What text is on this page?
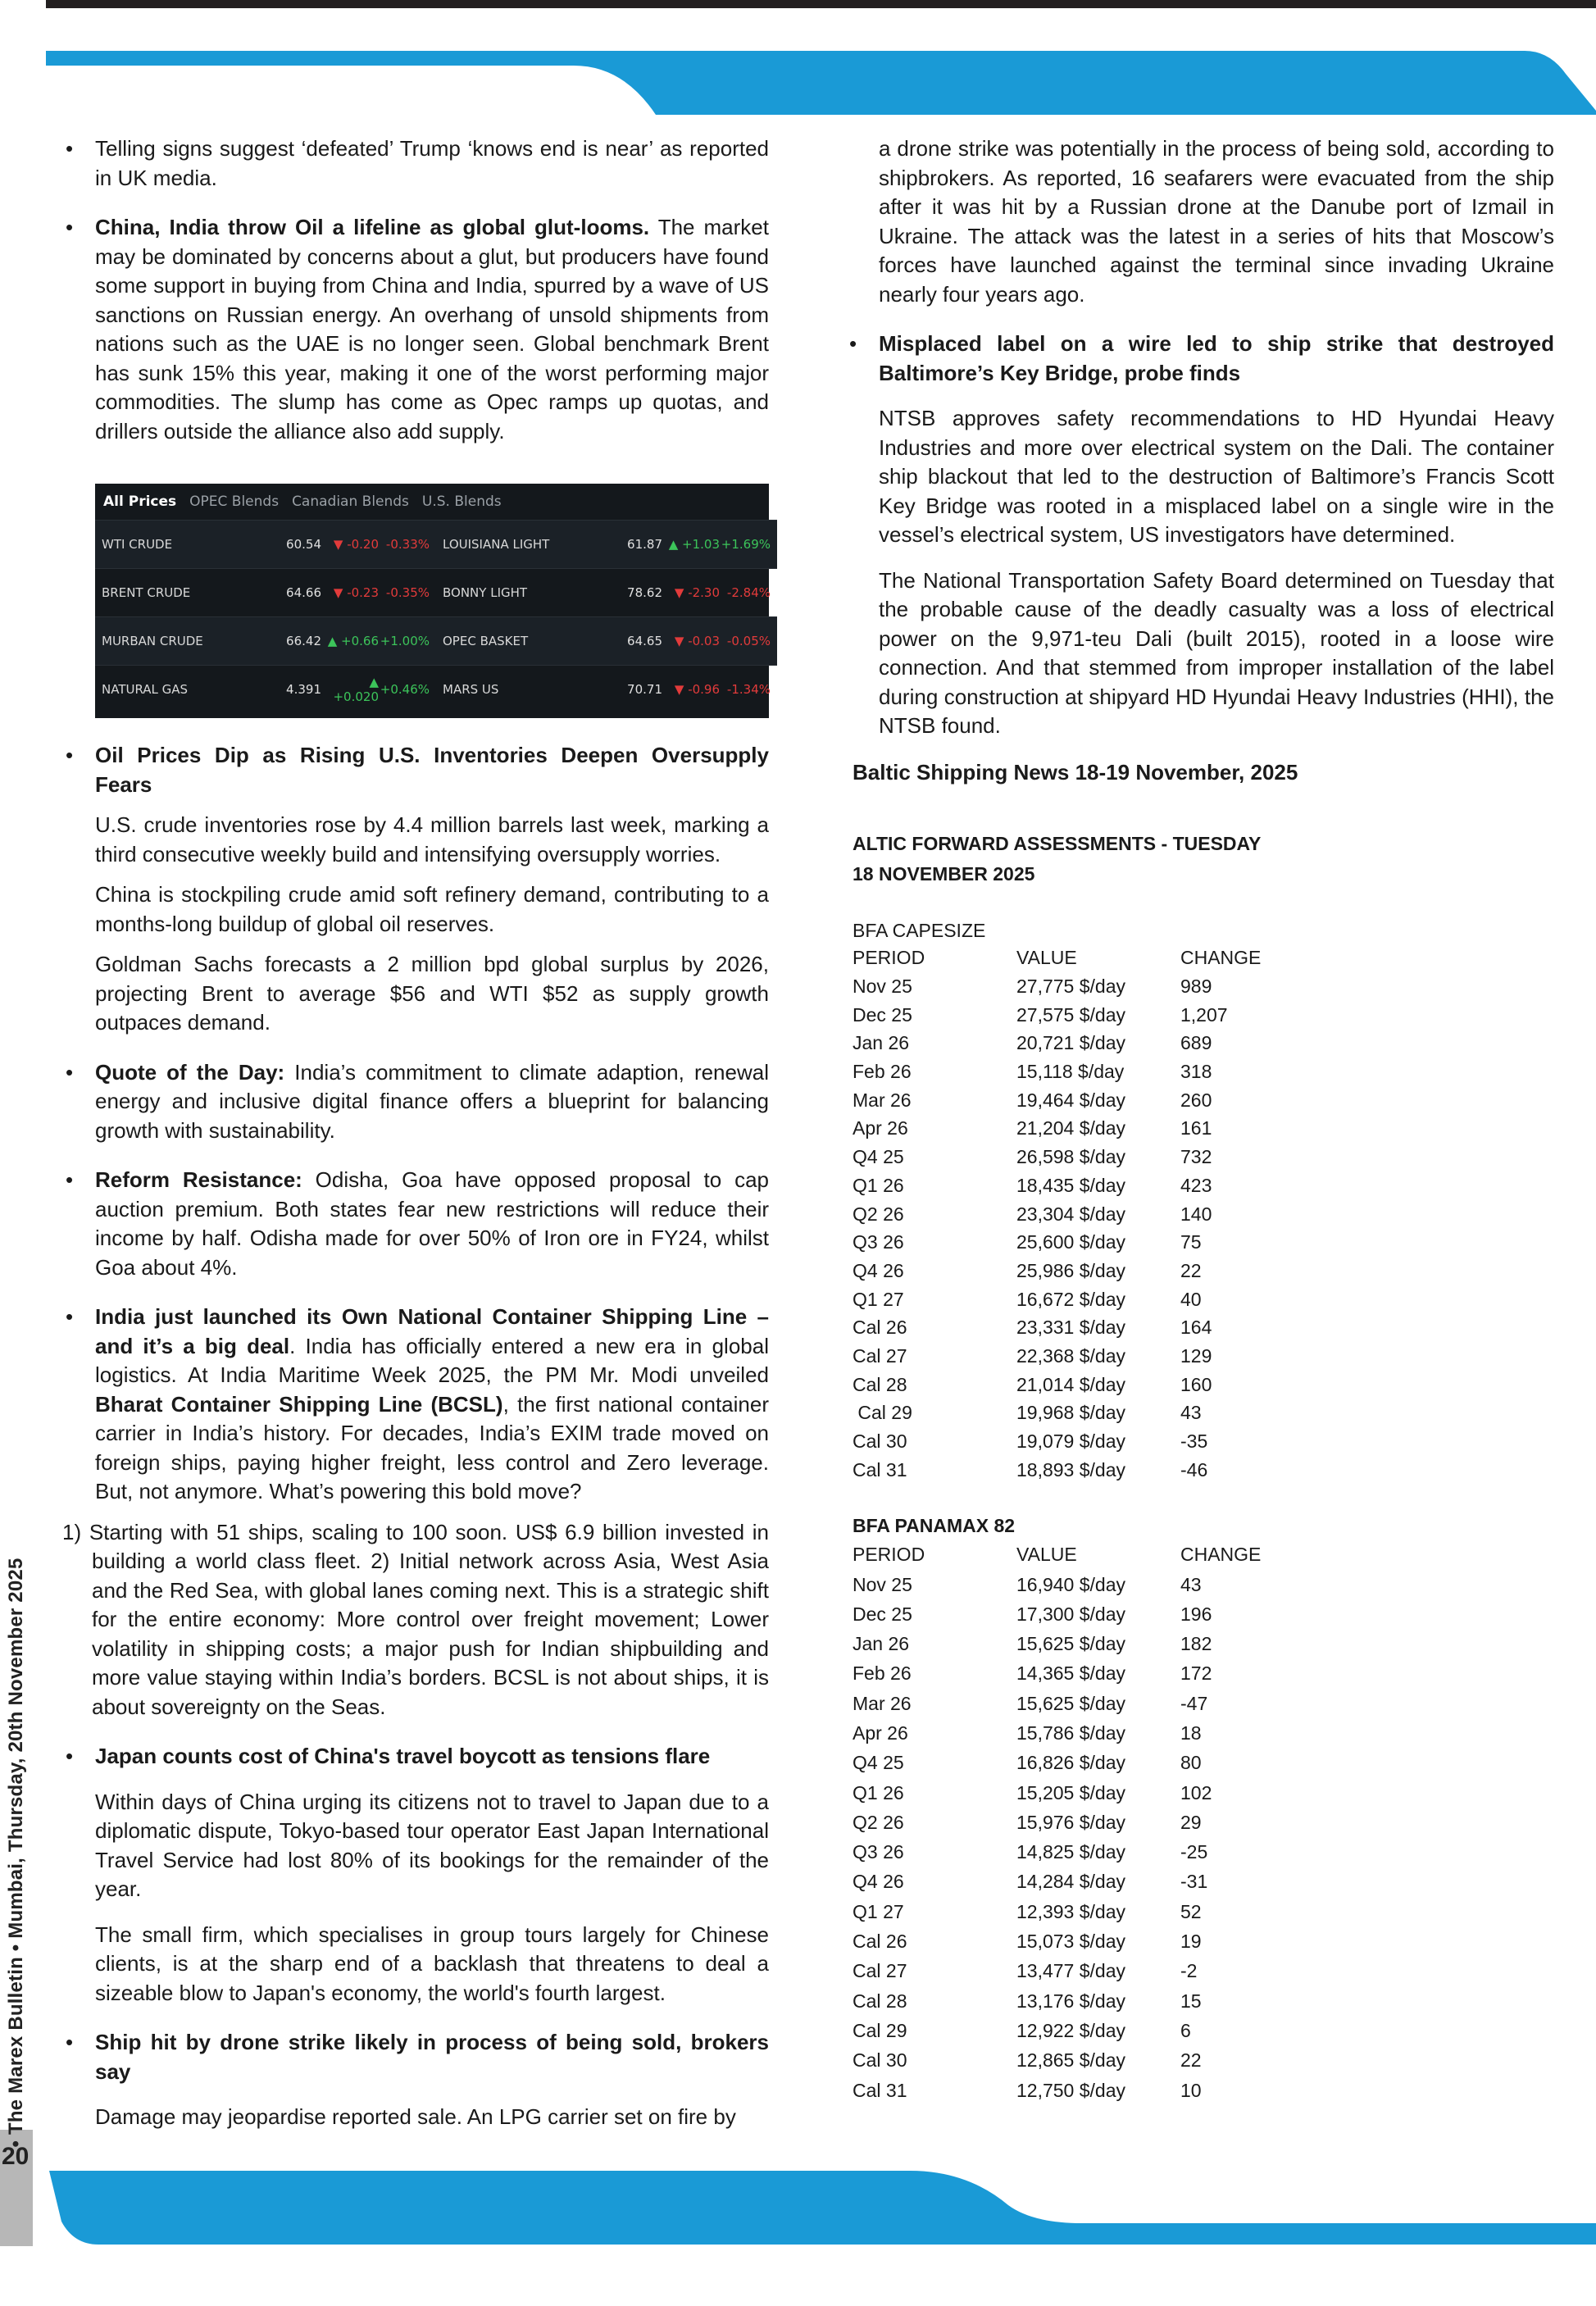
20
• The Marex Bulletin • Mumbai, Thursday, 20th November 2025

• Telling signs suggest ‘defeated’ Trump ‘knows end is near’ as reported in UK media.

• China, India throw Oil a lifeline as global glut-looms. The market may be dominated by concerns about a glut, but producers have found some support in buying from China and India, spurred by a wave of US sanctions on Russian energy. An overhang of unsold shipments from nations such as the UAE is no longer seen. Global benchmark Brent has sunk 15% this year, making it one of the worst performing major commodities. The slump has come as Opec ramps up quotas, and drillers outside the alliance also add supply.

All Prices OPEC Blends Canadian Blends U.S. Blends
WTI CRUDE	60.54 ▼ -0.20 -0.33% LOUISIANA LIGHT	61.87 ▲ +1.03 +1.69%
BRENT CRUDE	64.66 ▼ -0.23 -0.35% BONNY LIGHT	78.62 ▼ -2.30 -2.84%
MURBAN CRUDE	66.42 ▲ +0.66 +1.00% OPEC BASKET	64.65 ▼ -0.03 -0.05%
NATURAL GAS	4.391	▲ +0.020 +0.46% MARS US	70.71 ▼ -0.96 -1.34%

• Oil Prices Dip as Rising U.S. Inventories Deepen Oversupply Fears

U.S. crude inventories rose by 4.4 million barrels last week, marking a third consecutive weekly build and intensifying oversupply worries.

China is stockpiling crude amid soft refinery demand, contributing to a months-long buildup of global oil reserves.

Goldman Sachs forecasts a 2 million bpd global surplus by 2026, projecting Brent to average $56 and WTI $52 as supply growth outpaces demand.

• Quote of the Day: India’s commitment to climate adaption, renewal energy and inclusive digital finance offers a blueprint for balancing growth with sustainability.

• Reform Resistance: Odisha, Goa have opposed proposal to cap auction premium. Both states fear new restrictions will reduce their income by half. Odisha made for over 50% of Iron ore in FY24, whilst Goa about 4%.

• India just launched its Own National Container Shipping Line – and it’s a big deal. India has officially entered a new era in global logistics. At India Maritime Week 2025, the PM Mr. Modi unveiled Bharat Container Shipping Line (BCSL), the first national container carrier in India’s history. For decades, India’s EXIM trade moved on foreign ships, paying higher freight, less control and Zero leverage. But, not anymore. What’s powering this bold move?

1) Starting with 51 ships, scaling to 100 soon. US$ 6.9 billion invested in building a world class fleet. 2) Initial network across Asia, West Asia and the Red Sea, with global lanes coming next. This is a strategic shift for the entire economy: More control over freight movement; Lower volatility in shipping costs; a major push for Indian shipbuilding and more value staying within India’s borders. BCSL is not about ships, it is about sovereignty on the Seas.

• Japan counts cost of China's travel boycott as tensions flare

Within days of China urging its citizens not to travel to Japan due to a diplomatic dispute, Tokyo-based tour operator East Japan International Travel Service had lost 80% of its bookings for the remainder of the year.

The small firm, which specialises in group tours largely for Chinese clients, is at the sharp end of a backlash that threatens to deal a sizeable blow to Japan's economy, the world's fourth largest.

• Ship hit by drone strike likely in process of being sold, brokers say

Damage may jeopardise reported sale. An LPG carrier set on fire by

a drone strike was potentially in the process of being sold, according to shipbrokers. As reported, 16 seafarers were evacuated from the ship after it was hit by a Russian drone at the Danube port of Izmail in Ukraine. The attack was the latest in a series of hits that Moscow’s forces have launched against the terminal since invading Ukraine nearly four years ago.

• Misplaced label on a wire led to ship strike that destroyed Baltimore’s Key Bridge, probe finds

NTSB approves safety recommendations to HD Hyundai Heavy Industries and more over electrical system on the Dali. The container ship blackout that led to the destruction of Baltimore’s Francis Scott Key Bridge was rooted in a misplaced label on a single wire in the vessel’s electrical system, US investigators have determined.

The National Transportation Safety Board determined on Tuesday that the probable cause of the deadly casualty was a loss of electrical power on the 9,971-teu Dali (built 2015), rooted in a loose wire connection. And that stemmed from improper installation of the label during construction at shipyard HD Hyundai Heavy Industries (HHI), the NTSB found.

Baltic Shipping News 18-19 November, 2025

ALTIC FORWARD ASSESSMENTS - TUESDAY

18 NOVEMBER 2025

BFA CAPESIZE

PERIOD	VALUE	CHANGE
Nov 25	27,775 $/day	989
Dec 25	27,575 $/day	1,207
Jan 26	20,721 $/day	689
Feb 26	15,118 $/day	318
Mar 26	19,464 $/day	260
Apr 26	21,204 $/day	161
Q4 25	26,598 $/day	732
Q1 26	18,435 $/day	423
Q2 26	23,304 $/day	140
Q3 26	25,600 $/day	75
Q4 26	25,986 $/day	22
Q1 27	16,672 $/day	40
Cal 26	23,331 $/day	164
Cal 27	22,368 $/day	129
Cal 28	21,014 $/day	160
Cal 29	19,968 $/day	43
Cal 30	19,079 $/day	-35
Cal 31	18,893 $/day	-46

BFA PANAMAX 82

PERIOD	VALUE	CHANGE
Nov 25	16,940 $/day	43
Dec 25	17,300 $/day	196
Jan 26	15,625 $/day	182
Feb 26	14,365 $/day	172
Mar 26	15,625 $/day	-47
Apr 26	15,786 $/day	18
Q4 25	16,826 $/day	80
Q1 26	15,205 $/day	102
Q2 26	15,976 $/day	29
Q3 26	14,825 $/day	-25
Q4 26	14,284 $/day	-31
Q1 27	12,393 $/day	52
Cal 26	15,073 $/day	19
Cal 27	13,477 $/day	-2
Cal 28	13,176 $/day	15
Cal 29	12,922 $/day	6
Cal 30	12,865 $/day	22
Cal 31	12,750 $/day	10
